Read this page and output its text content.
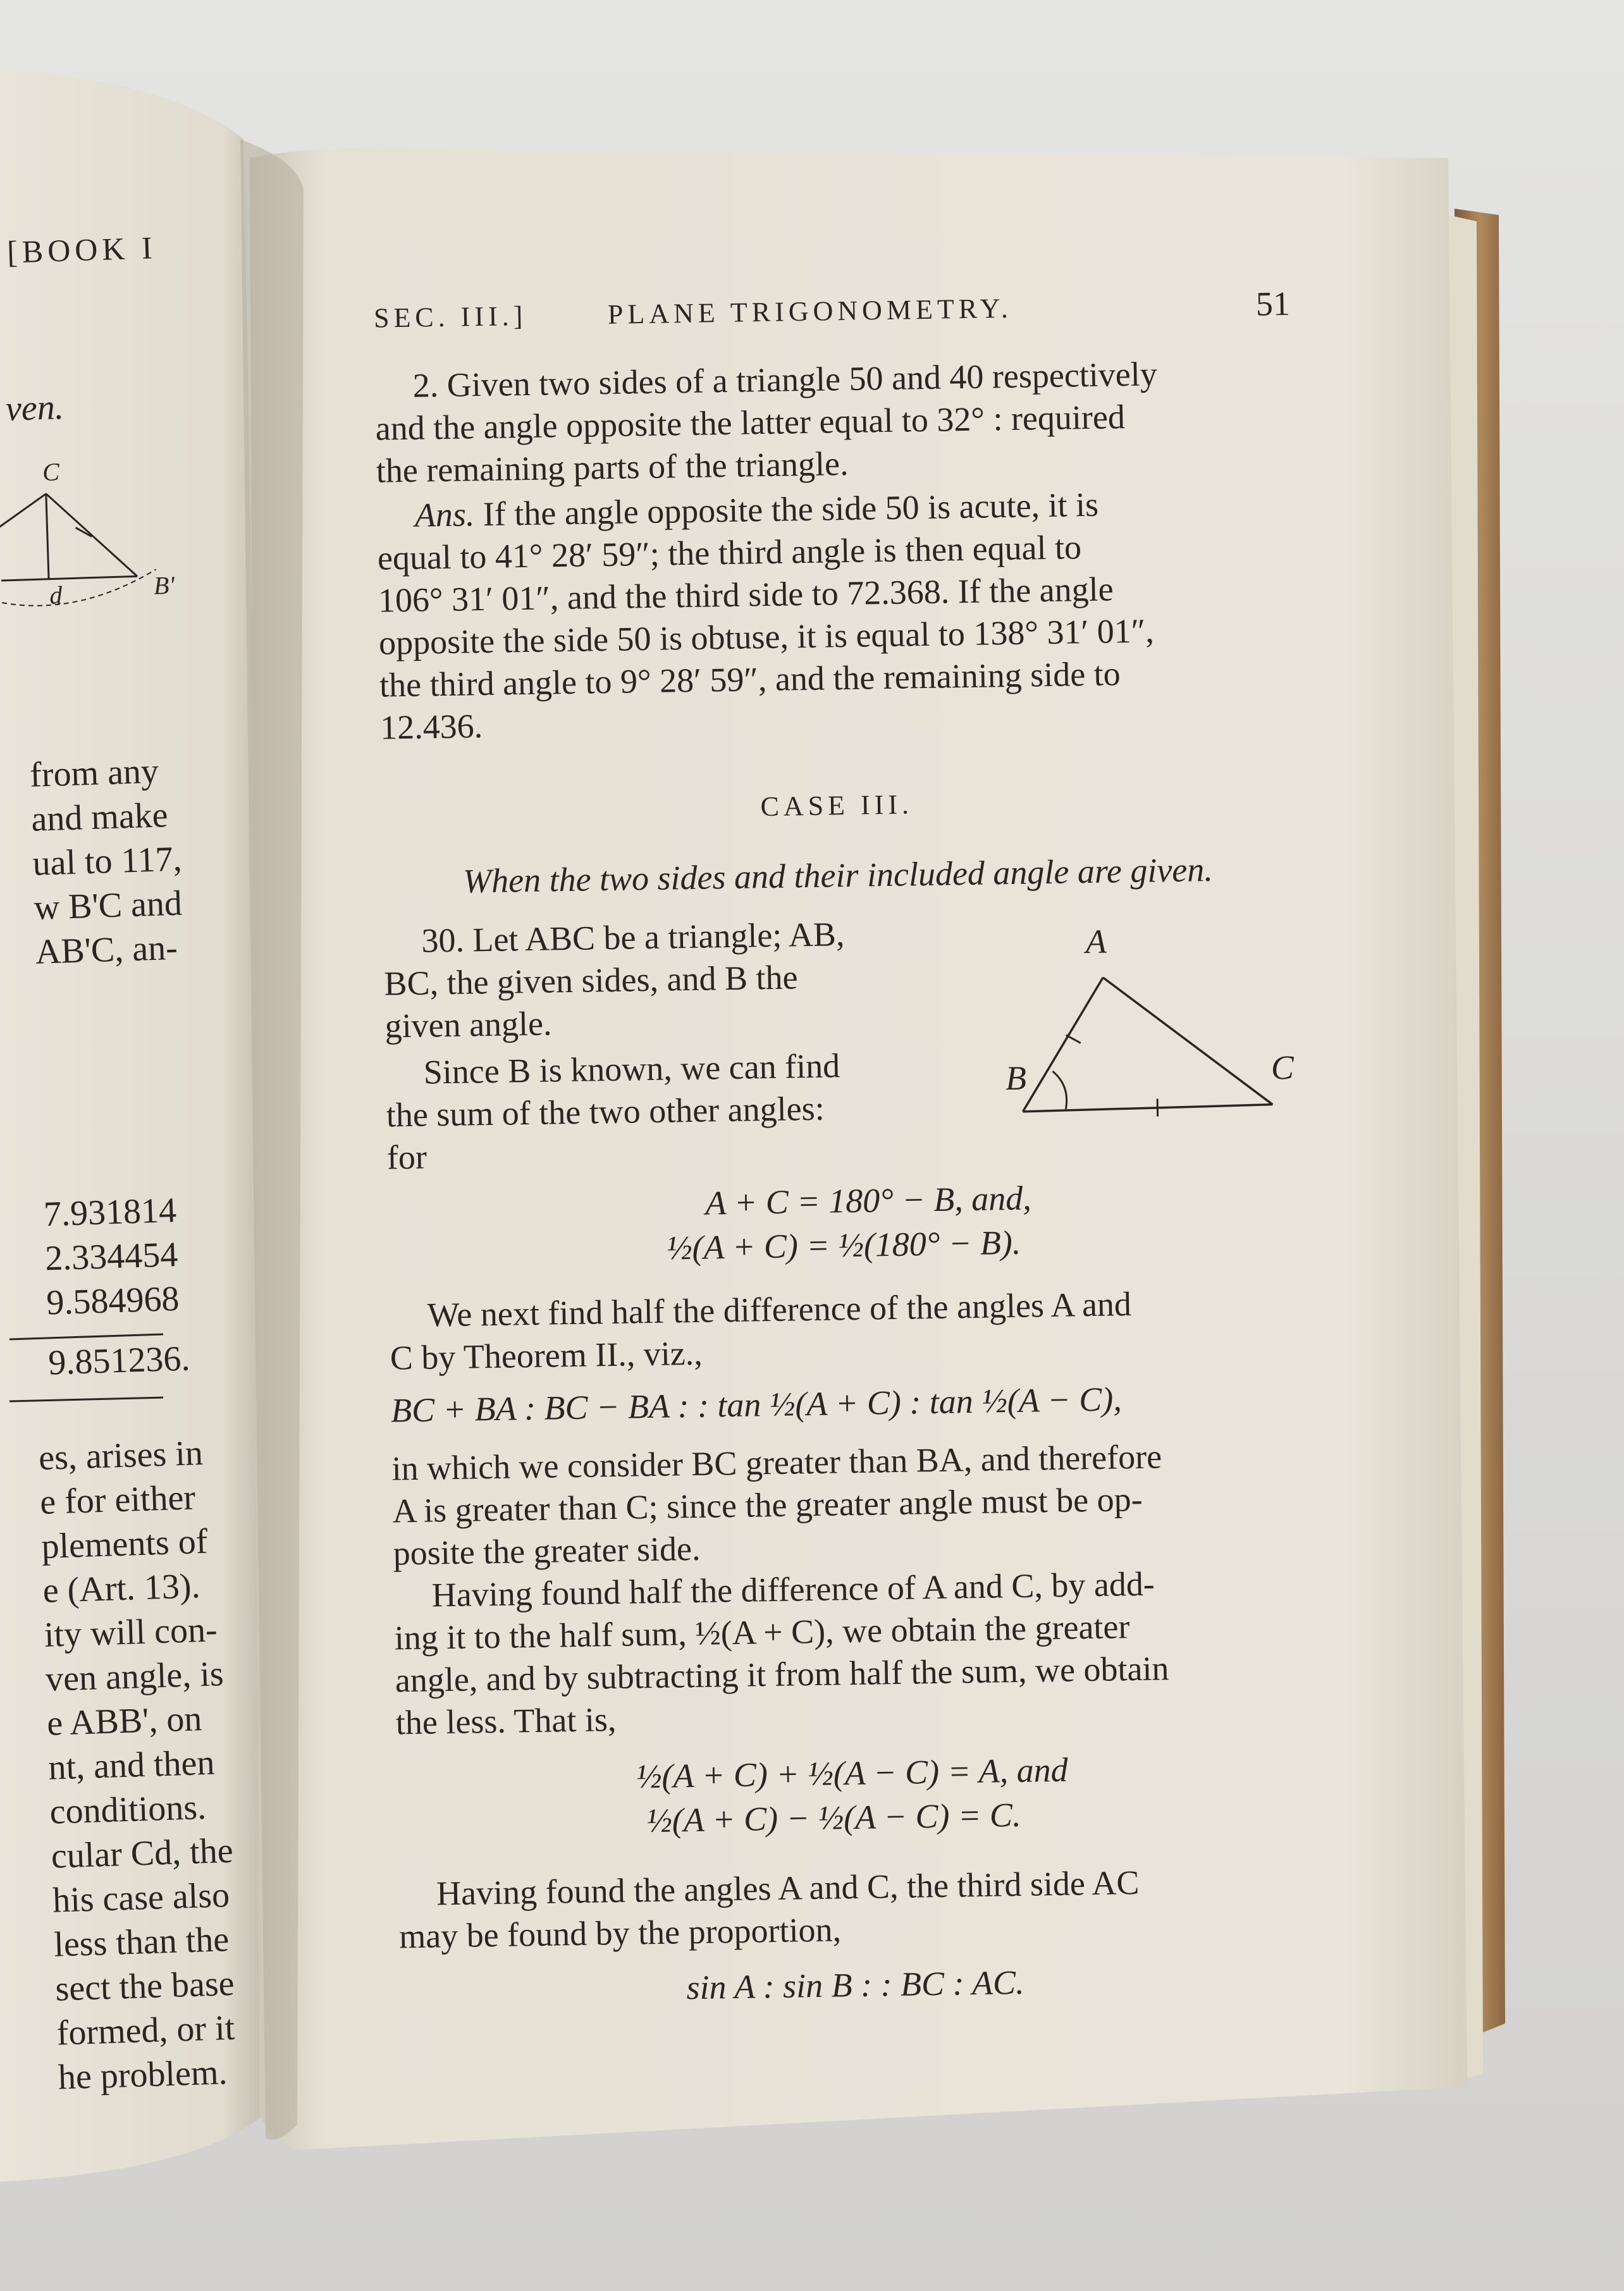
SEC. III.]	PLANE TRIGONOMETRY.	51
2. Given two sides of a triangle 50 and 40 respectively
and the angle opposite the latter equal to 32° : required
the remaining parts of the triangle.
Ans. If the angle opposite the side 50 is acute, it is
equal to 41° 28′ 59″; the third angle is then equal to
106° 31′ 01″, and the third side to 72.368. If the angle
opposite the side 50 is obtuse, it is equal to 138° 31′ 01″,
the third angle to 9° 28′ 59″, and the remaining side to
12.436.
CASE III.
When the two sides and their included angle are given.
30. Let ABC be a triangle; AB,
BC, the given sides, and B the
given angle.
Since B is known, we can find
the sum of the two other angles:
for
A
B	C
A + C = 180° − B, and,
½(A + C) = ½(180° − B).
We next find half the difference of the angles A and
C by Theorem II., viz.,
BC + BA : BC − BA : : tan ½(A + C) : tan ½(A − C),
in which we consider BC greater than BA, and therefore
A is greater than C; since the greater angle must be op-
posite the greater side.
Having found half the difference of A and C, by add-
ing it to the half sum, ½(A + C), we obtain the greater
angle, and by subtracting it from half the sum, we obtain
the less. That is,
½(A + C) + ½(A − C) = A, and
½(A + C) − ½(A − C) = C.
Having found the angles A and C, the third side AC
may be found by the proportion,
sin A : sin B : : BC : AC.
[BOOK I
ven.
C
d	B'
from any
and make
ual to 117,
w B'C and
AB'C, an-
7.931814
2.334454
9.584968
9.851236.
es, arises in
e for either
plements of
e (Art. 13).
ity will con-
ven angle, is
e ABB', on
nt, and then
conditions.
cular Cd, the
his case also
less than the
sect the base
formed, or it
he problem.
